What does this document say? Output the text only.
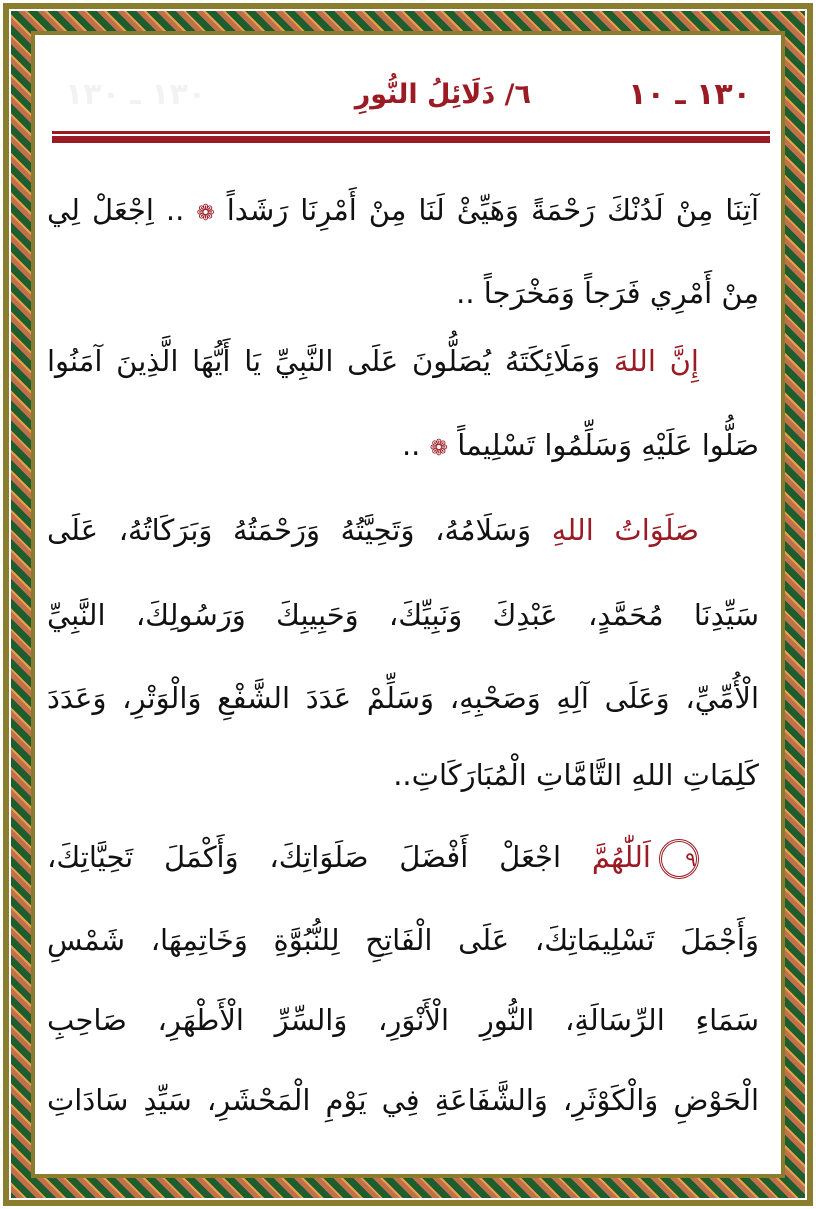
١٣٠ ـ ١٠
٦/ دَلَائِلُ النُّورِ
١٣٠ ـ ١٣٠
آتِنَا مِنْ لَدُنْكَ رَحْمَةً وَهَيِّئْ لَنَا مِنْ أَمْرِنَا رَشَداً ❁ .. اِجْعَلْ لِي
مِنْ أَمْرِي فَرَجاً وَمَخْرَجاً ..
إِنَّ اللهَ وَمَلَائِكَتَهُ يُصَلُّونَ عَلَى النَّبِيِّ يَا أَيُّهَا الَّذِينَ آمَنُوا
صَلُّوا عَلَيْهِ وَسَلِّمُوا تَسْلِيماً ❁ ..
صَلَوَاتُ اللهِ وَسَلَامُهُ، وَتَحِيَّتُهُ وَرَحْمَتُهُ وَبَرَكَاتُهُ، عَلَى
سَيِّدِنَا مُحَمَّدٍ، عَبْدِكَ وَنَبِيِّكَ، وَحَبِيبِكَ وَرَسُولِكَ، النَّبِيِّ
الْأُمِّيِّ، وَعَلَى آلِهِ وَصَحْبِهِ، وَسَلِّمْ عَدَدَ الشَّفْعِ وَالْوَتْرِ، وَعَدَدَ
كَلِمَاتِ اللهِ التَّامَّاتِ الْمُبَارَكَاتِ..
٩اَللّٰهُمَّ اجْعَلْ أَفْضَلَ صَلَوَاتِكَ، وَأَكْمَلَ تَحِيَّاتِكَ،
وَأَجْمَلَ تَسْلِيمَاتِكَ، عَلَى الْفَاتِحِ لِلنُّبُوَّةِ وَخَاتِمِهَا، شَمْسِ
سَمَاءِ الرِّسَالَةِ، النُّورِ الْأَنْوَرِ، وَالسِّرِّ الْأَطْهَرِ، صَاحِبِ
الْحَوْضِ وَالْكَوْثَرِ، وَالشَّفَاعَةِ فِي يَوْمِ الْمَحْشَرِ، سَيِّدِ سَادَاتِ
